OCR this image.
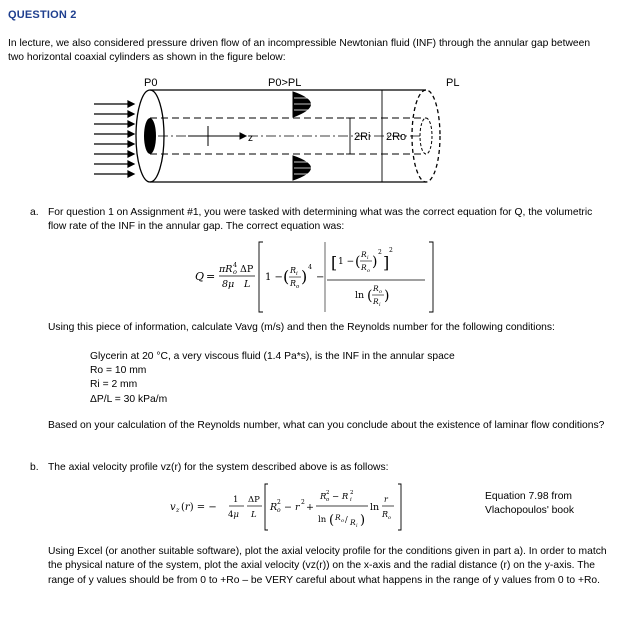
QUESTION 2
In lecture, we also considered pressure driven flow of an incompressible Newtonian fluid (INF) through the annular gap between two horizontal coaxial cylinders as shown in the figure below:
P0	P0>PL	PL
z	2Ri 2Ro
a. For question 1 on Assignment #1, you were tasked with determining what was the correct equation for Q, the volumetric flow rate of the INF in the annular gap. The correct equation was:
Q =
πR o
4 ΔP
8μ L
1 − ( R i
R o
) 4
−
[ 1 − ( R i
R o
)
2
]
2
ln ( R o
R i
)
Using this piece of information, calculate Vavg (m/s) and then the Reynolds number for the following conditions:
Glycerin at 20 °C, a very viscous fluid (1.4 Pa*s), is the INF in the annular space
Ro = 10 mm
Ri = 2 mm
ΔP/L = 30 kPa/m
Based on your calculation of the Reynolds number, what can you conclude about the existence of laminar flow conditions?
b. The axial velocity profile vz(r) for the system described above is as follows:
v z (r) = −
1
4μ
ΔP
L
R o
2 − r 2 +
R o
2 − R i
2
ln ( R o / R i )
ln
r
R o
Equation 7.98 from
Vlachopoulos' book
Using Excel (or another suitable software), plot the axial velocity profile for the conditions given in part a). In order to match the physical nature of the system, plot the axial velocity (vz(r)) on the x-axis and the radial distance (r) on the y-axis. The range of y values should be from 0 to +Ro – be VERY careful about what happens in the range of y values from 0 to +Ro.
